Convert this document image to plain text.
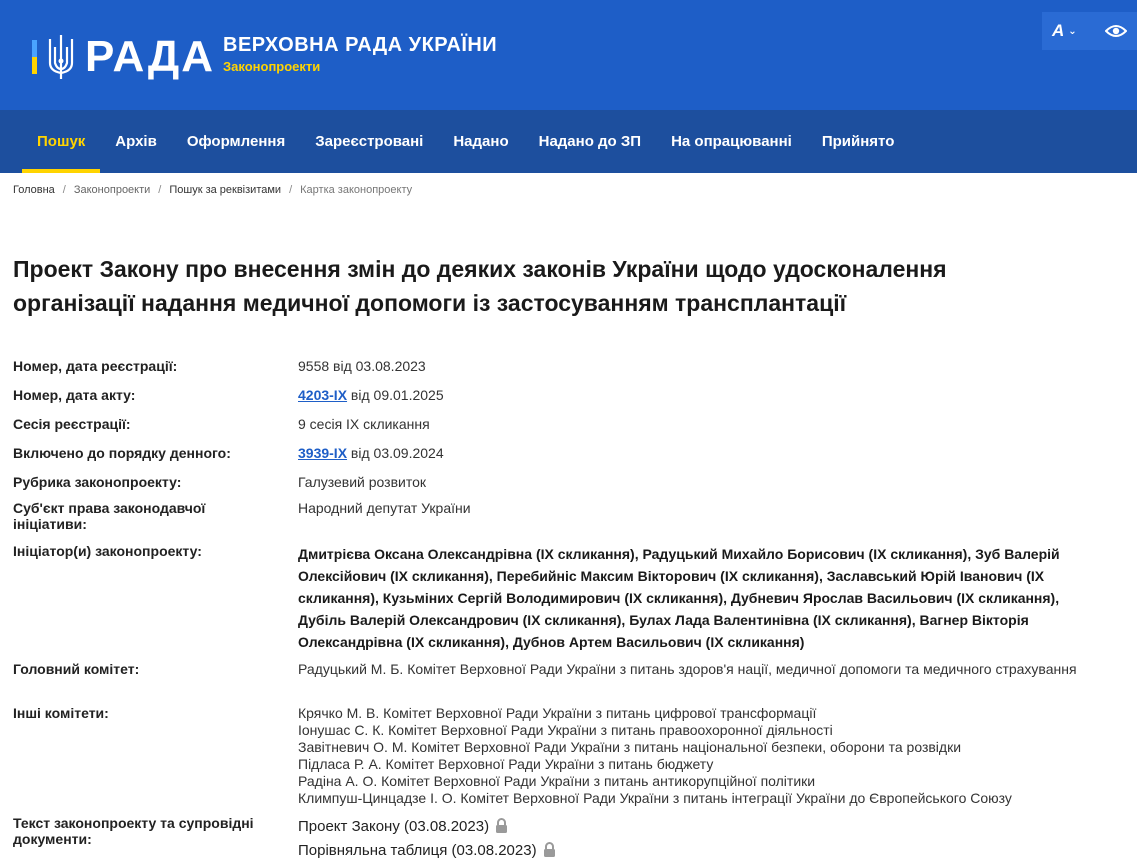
РАДА ВЕРХОВНА РАДА УКРАЇНИ
Законопроекти
A ⌄
Пошук	Архів	Оформлення	Зареєстровані	Надано	Надано до ЗП	На опрацюванні	Прийнято
Головна / Законопроекти / Пошук за реквізитами / Картка законопроекту
Проект Закону про внесення змін до деяких законів України щодо удосконалення організації надання медичної допомоги із застосуванням трансплантації
Номер, дата реєстрації:	9558 від 03.08.2023
Номер, дата акту:	4203-IX від 09.01.2025
Сесія реєстрації:	9 сесія IX скликання
Включено до порядку денного:	3939-IX від 03.09.2024
Рубрика законопроекту:	Галузевий розвиток
Суб'єкт права законодавчої ініціативи:
Народний депутат України
Ініціатор(и) законопроекту:	Дмитрієва Оксана Олександрівна (IX скликання), Радуцький Михайло Борисович (IX скликання), Зуб Валерій Олексійович (IX скликання), Перебийніс Максим Вікторович (IX скликання), Заславський Юрій Іванович (IX скликання), Кузьміних Сергій Володимирович (IX скликання), Дубневич Ярослав Васильович (IX скликання), Дубіль Валерій Олександрович (IX скликання), Булах Лада Валентинівна (IX скликання), Вагнер Вікторія Олександрівна (IX скликання), Дубнов Артем Васильович (IX скликання)
Головний комітет:	Радуцький М. Б. Комітет Верховної Ради України з питань здоров'я нації, медичної допомоги та медичного страхування
Інші комітети:	Крячко М. В. Комітет Верховної Ради України з питань цифрової трансформації
Іонушас С. К. Комітет Верховної Ради України з питань правоохоронної діяльності
Завітневич О. М. Комітет Верховної Ради України з питань національної безпеки, оборони та розвідки
Підласа Р. А. Комітет Верховної Ради України з питань бюджету
Радіна А. О. Комітет Верховної Ради України з питань антикорупційної політики
Климпуш-Цинцадзе І. О. Комітет Верховної Ради України з питань інтеграції України до Європейського Союзу
Текст законопроекту та супровідні документи:
Проект Закону (03.08.2023)
Порівняльна таблиця (03.08.2023)
